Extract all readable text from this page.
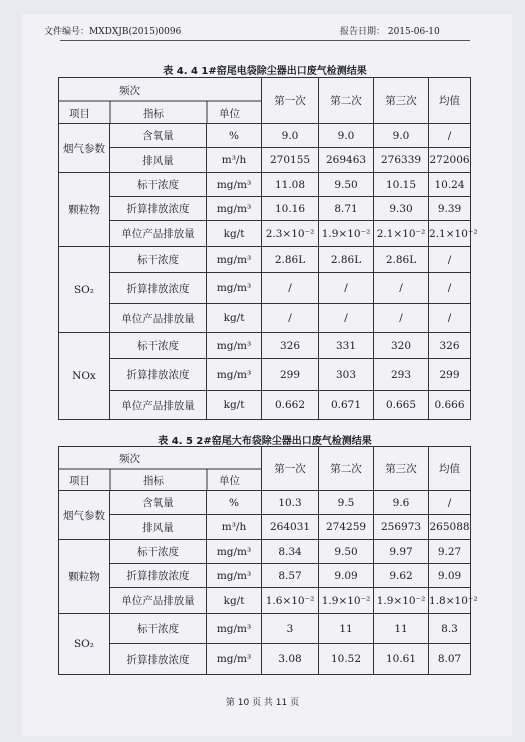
文件编号：MXDXJB(2015)0096	报告日期： 2015-06-10
表 4. 4 1#窑尾电袋除尘器出口废气检测结果
频次
项目 指标 单位			第一次	第二次	第三次	均值
烟气参数	含氧量	%	9.0	9.0	9.0	/
	排风量	m³/h	270155	269463	276339	272006
颗粒物	标干浓度	mg/m³	11.08	9.50	10.15	10.24
	折算排放浓度	mg/m³	10.16	8.71	9.30	9.39
	单位产品排放量	kg/t	2.3×10⁻²	1.9×10⁻²	2.1×10⁻²	2.1×10⁻²
SO₂	标干浓度	mg/m³	2.86L	2.86L	2.86L	/
	折算排放浓度	mg/m³	/	/	/	/
	单位产品排放量	kg/t	/	/	/	/
NOx	标干浓度	mg/m³	326	331	320	326
	折算排放浓度	mg/m³	299	303	293	299
	单位产品排放量	kg/t	0.662	0.671	0.665	0.666
表 4. 5 2#窑尾大布袋除尘器出口废气检测结果
频次
项目 指标 单位			第一次	第二次	第三次	均值
烟气参数	含氧量	%	10.3	9.5	9.6	/
	排风量	m³/h	264031	274259	256973	265088
颗粒物	标干浓度	mg/m³	8.34	9.50	9.97	9.27
	折算排放浓度	mg/m³	8.57	9.09	9.62	9.09
	单位产品排放量	kg/t	1.6×10⁻²	1.9×10⁻²	1.9×10⁻²	1.8×10⁻²
SO₂	标干浓度	mg/m³	3	11	11	8.3
	折算排放浓度	mg/m³	3.08	10.52	10.61	8.07
第 10 页 共 11 页
